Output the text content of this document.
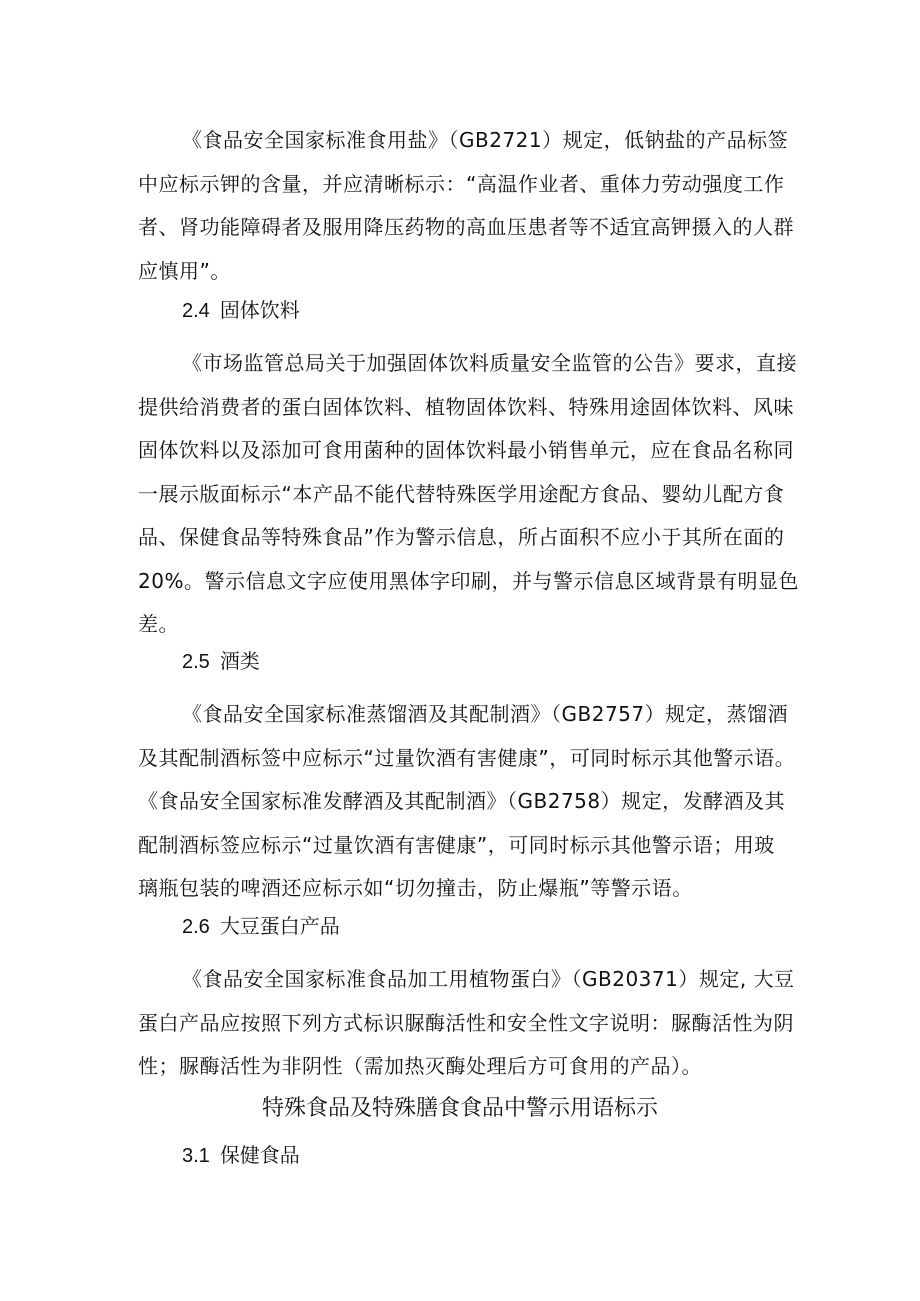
《食品安全国家标准食用盐》（GB2721）规定，低钠盐的产品标签
中应标示钾的含量，并应清晰标示：“高温作业者、重体力劳动强度工作
者、肾功能障碍者及服用降压药物的高血压患者等不适宜高钾摄入的人群
应慎用”。

2.4 固体饮料

《市场监管总局关于加强固体饮料质量安全监管的公告》要求，直接
提供给消费者的蛋白固体饮料、植物固体饮料、特殊用途固体饮料、风味
固体饮料以及添加可食用菌种的固体饮料最小销售单元，应在食品名称同
一展示版面标示“本产品不能代替特殊医学用途配方食品、婴幼儿配方食
品、保健食品等特殊食品”作为警示信息，所占面积不应小于其所在面的
20%。警示信息文字应使用黑体字印刷，并与警示信息区域背景有明显色
差。

2.5 酒类

《食品安全国家标准蒸馏酒及其配制酒》（GB2757）规定，蒸馏酒
及其配制酒标签中应标示“过量饮酒有害健康”，可同时标示其他警示语。
《食品安全国家标准发酵酒及其配制酒》（GB2758）规定，发酵酒及其
配制酒标签应标示“过量饮酒有害健康”，可同时标示其他警示语；用玻
璃瓶包装的啤酒还应标示如“切勿撞击，防止爆瓶”等警示语。

2.6 大豆蛋白产品

《食品安全国家标准食品加工用植物蛋白》（GB20371）规定, 大豆
蛋白产品应按照下列方式标识脲酶活性和安全性文字说明：脲酶活性为阴
性；脲酶活性为非阴性（需加热灭酶处理后方可食用的产品）。

特殊食品及特殊膳食食品中警示用语标示
3.1 保健食品
